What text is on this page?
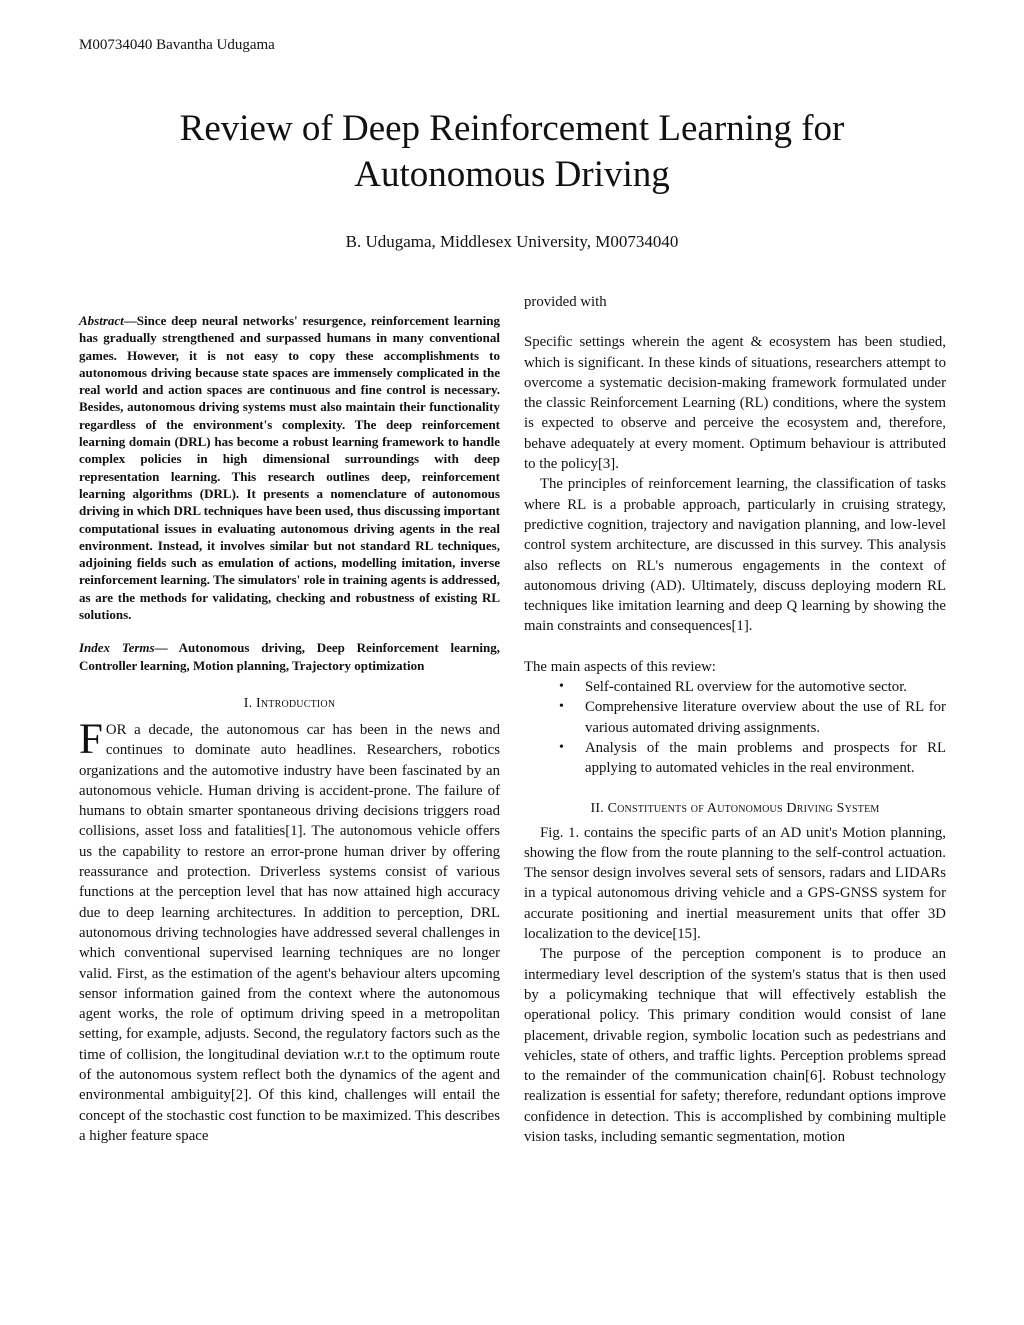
M00734040 Bavantha Udugama
Review of Deep Reinforcement Learning for
Autonomous Driving
B. Udugama, Middlesex University, M00734040

Abstract—Since deep neural networks' resurgence, reinforcement learning has gradually strengthened and surpassed humans in many conventional games. However, it is not easy to copy these accomplishments to autonomous driving because state spaces are immensely complicated in the real world and action spaces are continuous and fine control is necessary. Besides, autonomous driving systems must also maintain their functionality regardless of the environment's complexity. The deep reinforcement learning domain (DRL) has become a robust learning framework to handle complex policies in high dimensional surroundings with deep representation learning. This research outlines deep, reinforcement learning algorithms (DRL). It presents a nomenclature of autonomous driving in which DRL techniques have been used, thus discussing important computational issues in evaluating autonomous driving agents in the real environment. Instead, it involves similar but not standard RL techniques, adjoining fields such as emulation of actions, modelling imitation, inverse reinforcement learning. The simulators' role in training agents is addressed, as are the methods for validating, checking and robustness of existing RL solutions.

Index Terms— Autonomous driving, Deep Reinforcement learning, Controller learning, Motion planning, Trajectory optimization

I. Introduction

FOR a decade, the autonomous car has been in the news and continues to dominate auto headlines. Researchers, robotics organizations and the automotive industry have been fascinated by an autonomous vehicle. Human driving is accident-prone. The failure of humans to obtain smarter spontaneous driving decisions triggers road collisions, asset loss and fatalities[1]. The autonomous vehicle offers us the capability to restore an error-prone human driver by offering reassurance and protection. Driverless systems consist of various functions at the perception level that has now attained high accuracy due to deep learning architectures. In addition to perception, DRL autonomous driving technologies have addressed several challenges in which conventional supervised learning techniques are no longer valid. First, as the estimation of the agent's behaviour alters upcoming sensor information gained from the context where the autonomous agent works, the role of optimum driving speed in a metropolitan setting, for example, adjusts. Second, the regulatory factors such as the time of collision, the longitudinal deviation w.r.t to the optimum route of the autonomous system reflect both the dynamics of the agent and environmental ambiguity[2]. Of this kind, challenges will entail the concept of the stochastic cost function to be maximized. This describes a higher feature space

provided with

Specific settings wherein the agent & ecosystem has been studied, which is significant. In these kinds of situations, researchers attempt to overcome a systematic decision-making framework formulated under the classic Reinforcement Learning (RL) conditions, where the system is expected to observe and perceive the ecosystem and, therefore, behave adequately at every moment. Optimum behaviour is attributed to the policy[3].

The principles of reinforcement learning, the classification of tasks where RL is a probable approach, particularly in cruising strategy, predictive cognition, trajectory and navigation planning, and low-level control system architecture, are discussed in this survey. This analysis also reflects on RL's numerous engagements in the context of autonomous driving (AD). Ultimately, discuss deploying modern RL techniques like imitation learning and deep Q learning by showing the main constraints and consequences[1].

The main aspects of this review:

• Self-contained RL overview for the automotive sector.
• Comprehensive literature overview about the use of RL for various automated driving assignments.
• Analysis of the main problems and prospects for RL applying to automated vehicles in the real environment.
II. Constituents of Autonomous Driving System

Fig. 1. contains the specific parts of an AD unit's Motion planning, showing the flow from the route planning to the self-control actuation. The sensor design involves several sets of sensors, radars and LIDARs in a typical autonomous driving vehicle and a GPS-GNSS system for accurate positioning and inertial measurement units that offer 3D localization to the device[15].

The purpose of the perception component is to produce an intermediary level description of the system's status that is then used by a policymaking technique that will effectively establish the operational policy. This primary condition would consist of lane placement, drivable region, symbolic location such as pedestrians and vehicles, state of others, and traffic lights. Perception problems spread to the remainder of the communication chain[6]. Robust technology realization is essential for safety; therefore, redundant options improve confidence in detection. This is accomplished by combining multiple vision tasks, including semantic segmentation, motion
